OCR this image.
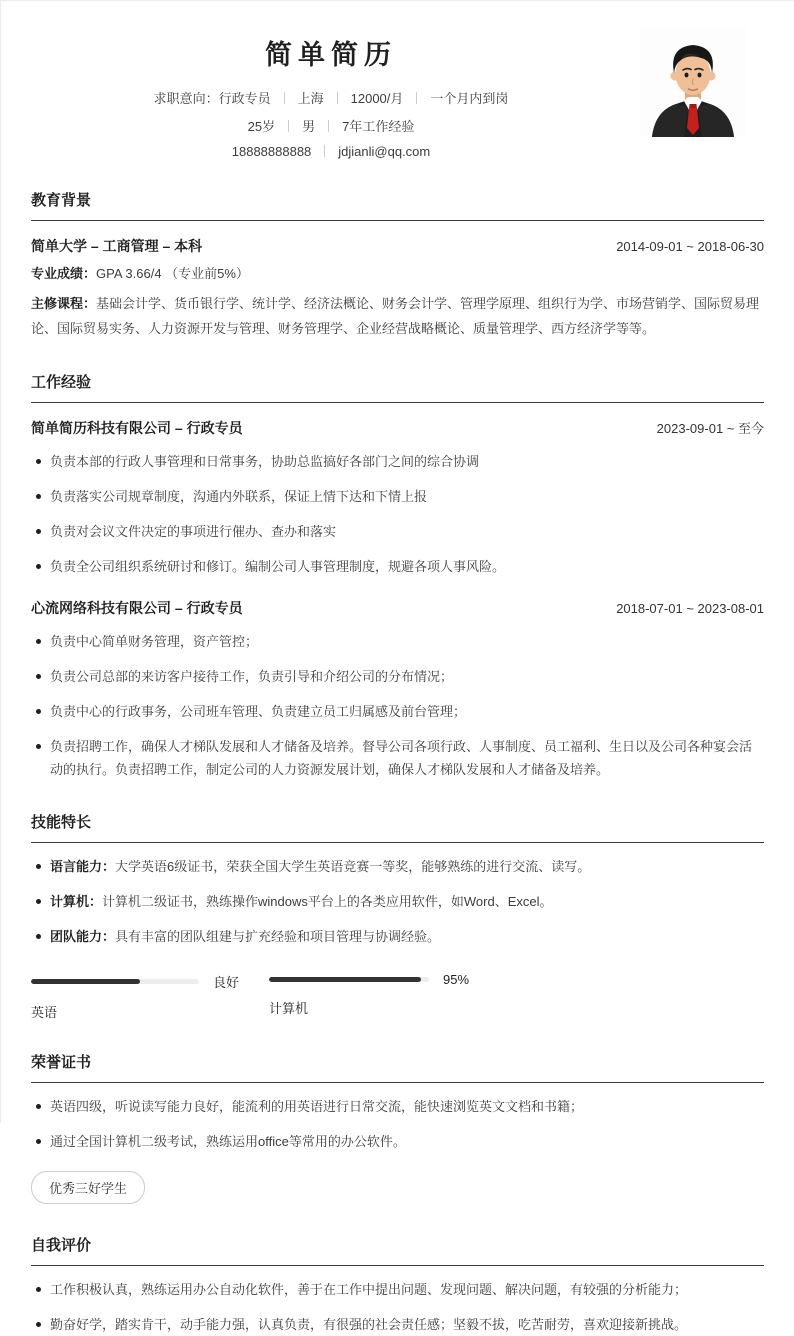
简单简历
求职意向：行政专员 上海 12000/月 一个月内到岗
25岁 男 7年工作经验
18888888888 jdjianli@qq.com
教育背景
简单大学 – 工商管理 – 本科	2014-09-01 ~ 2018-06-30
专业成绩：GPA 3.66/4 （专业前5%）
主修课程：基础会计学、货币银行学、统计学、经济法概论、财务会计学、管理学原理、组织行为学、市场营销学、国际贸易理论、国际贸易实务、人力资源开发与管理、财务管理学、企业经营战略概论、质量管理学、西方经济学等等。
工作经验
简单简历科技有限公司 – 行政专员	2023-09-01 ~ 至今
负责本部的行政人事管理和日常事务，协助总监搞好各部门之间的综合协调
负责落实公司规章制度，沟通内外联系，保证上情下达和下情上报
负责对会议文件决定的事项进行催办、查办和落实
负责全公司组织系统研讨和修订。编制公司人事管理制度，规避各项人事风险。
心流网络科技有限公司 – 行政专员	2018-07-01 ~ 2023-08-01
负责中心简单财务管理，资产管控；
负责公司总部的来访客户接待工作，负责引导和介绍公司的分布情况；
负责中心的行政事务，公司班车管理、负责建立员工归属感及前台管理；
负责招聘工作，确保人才梯队发展和人才储备及培养。督导公司各项行政、人事制度、员工福利、生日以及公司各种宴会活动的执行。负责招聘工作，制定公司的人力资源发展计划，确保人才梯队发展和人才储备及培养。
技能特长
语言能力：大学英语6级证书，荣获全国大学生英语竞赛一等奖，能够熟练的进行交流、读写。
计算机：计算机二级证书，熟练操作windows平台上的各类应用软件，如Word、Excel。
团队能力：具有丰富的团队组建与扩充经验和项目管理与协调经验。
良好
英语
95%
计算机
荣誉证书
英语四级，听说读写能力良好，能流利的用英语进行日常交流，能快速浏览英文文档和书籍；
通过全国计算机二级考试，熟练运用office等常用的办公软件。
优秀三好学生
自我评价
工作积极认真，熟练运用办公自动化软件，善于在工作中提出问题、发现问题、解决问题，有较强的分析能力；
勤奋好学，踏实肯干，动手能力强，认真负责，有很强的社会责任感；坚毅不拔，吃苦耐劳，喜欢迎接新挑战。
